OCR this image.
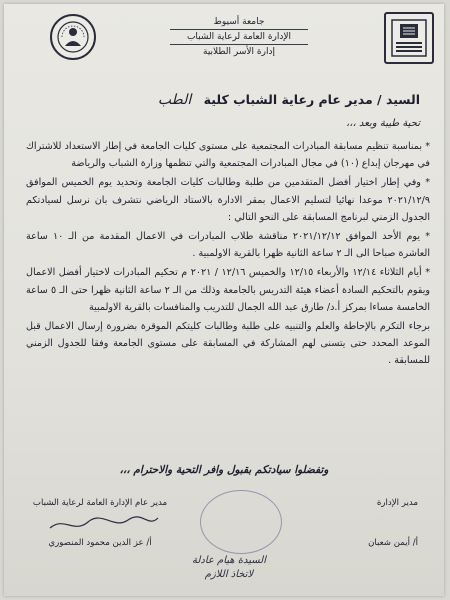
جامعة أسيوط
الإدارة العامة لرعاية الشباب
إدارة الأسر الطلابية
السيد / مدير عام رعاية الشباب كلية الطب
تحية طيبة وبعد ،،،

* بمناسبة تنظيم مسابقة المبادرات المجتمعية على مستوى كليات الجامعة في إطار الاستعداد للاشتراك في مهرجان إبداع (١٠) في مجال المبادرات المجتمعية والتي تنظمها وزارة الشباب والرياضة

* وفي إطار اختيار أفضل المتقدمين من طلبة وطالبات كليات الجامعة وتحديد يوم الخميس الموافق ٢٠٢١/١٢/٩ موعدا نهائيا لتسليم الاعمال بمقر الادارة بالاستاد الرياضي نتشرف بان نرسل لسيادتكم الجدول الزمني لبرنامج المسابقة على النحو التالي :

* يوم الأحد الموافق ٢٠٢١/١٢/١٢ مناقشة طلاب المبادرات في الاعمال المقدمة من الـ ١٠ ساعة العاشرة صباحا الى الـ ٢ ساعة الثانية ظهرا بالقرية الاولمبية .

* أيام الثلاثاء ١٢/١٤ والأربعاء ١٢/١٥ والخميس ١٢/١٦ / ٢٠٢١ م تحكيم المبادرات لاختيار أفضل الاعمال ويقوم بالتحكيم السادة أعضاء هيئة التدريس بالجامعة وذلك من الـ ٢ ساعة الثانية ظهرا حتى الـ ٥ ساعة الخامسة مساءا بمركز أ.د/ طارق عبد الله الجمال للتدريب والمنافسات بالقرية الاولمبية

برجاء التكرم بالإحاطة والعلم والتنبيه على طلبة وطالبات كليتكم الموقرة بضرورة إرسال الاعمال قبل الموعد المحدد حتى يتسنى لهم المشاركة في المسابقة على مستوى الجامعة وفقا للجدول الزمني للمسابقة .

وتفضلوا سيادتكم بقبول وافر التحية والاحترام ،،،
مدير الإدارة
أ/ أيمن شعبان
مدير عام الإدارة العامة لرعاية الشباب
أ/ عز الدين محمود المنصوري
السيدة هيام عادلة
لاتخاذ اللازم
